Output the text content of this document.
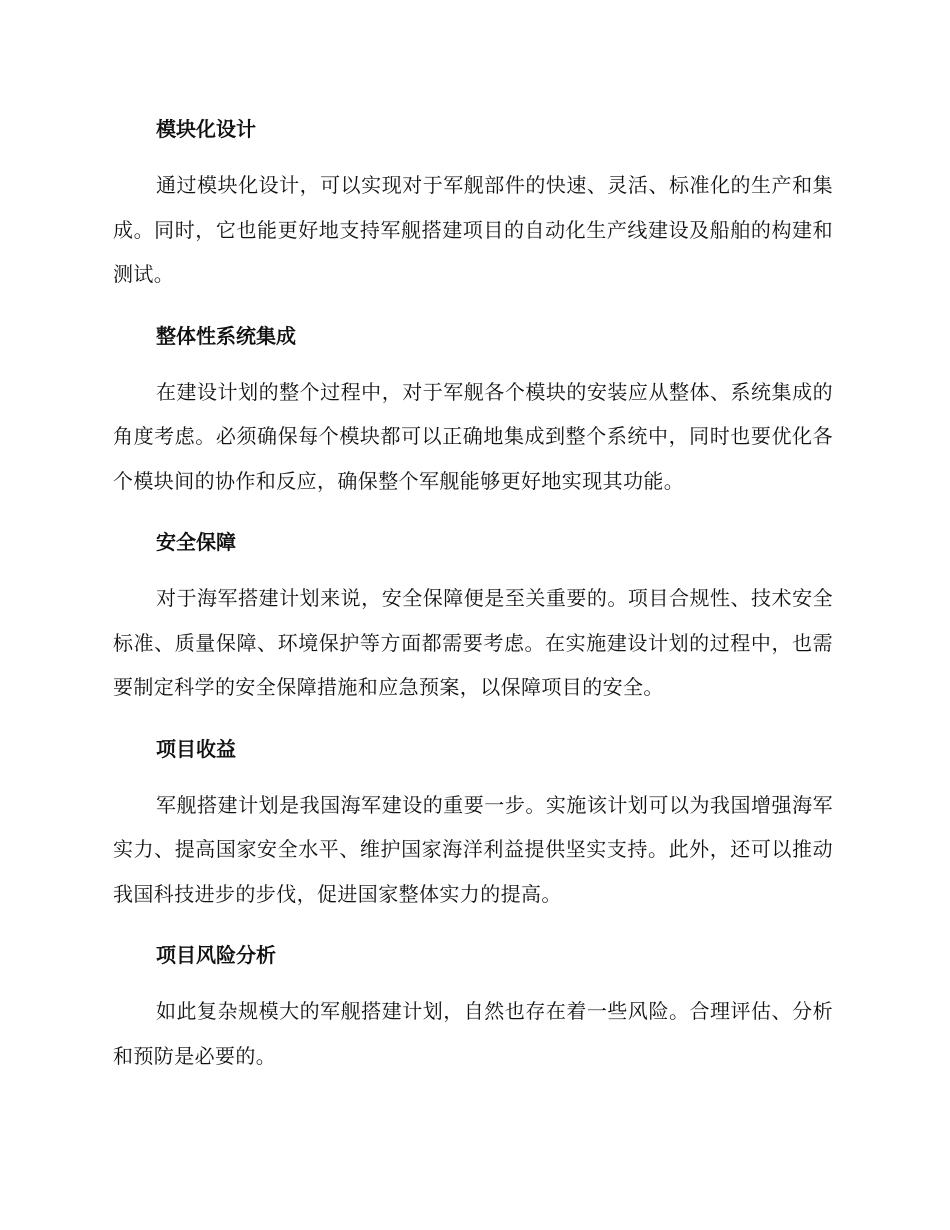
模块化设计

通过模块化设计，可以实现对于军舰部件的快速、灵活、标准化的生产和集成。同时，它也能更好地支持军舰搭建项目的自动化生产线建设及船舶的构建和测试。

整体性系统集成

在建设计划的整个过程中，对于军舰各个模块的安装应从整体、系统集成的角度考虑。必须确保每个模块都可以正确地集成到整个系统中，同时也要优化各个模块间的协作和反应，确保整个军舰能够更好地实现其功能。

安全保障

对于海军搭建计划来说，安全保障便是至关重要的。项目合规性、技术安全标准、质量保障、环境保护等方面都需要考虑。在实施建设计划的过程中，也需要制定科学的安全保障措施和应急预案，以保障项目的安全。

项目收益

军舰搭建计划是我国海军建设的重要一步。实施该计划可以为我国增强海军实力、提高国家安全水平、维护国家海洋利益提供坚实支持。此外，还可以推动我国科技进步的步伐，促进国家整体实力的提高。

项目风险分析

如此复杂规模大的军舰搭建计划，自然也存在着一些风险。合理评估、分析和预防是必要的。
